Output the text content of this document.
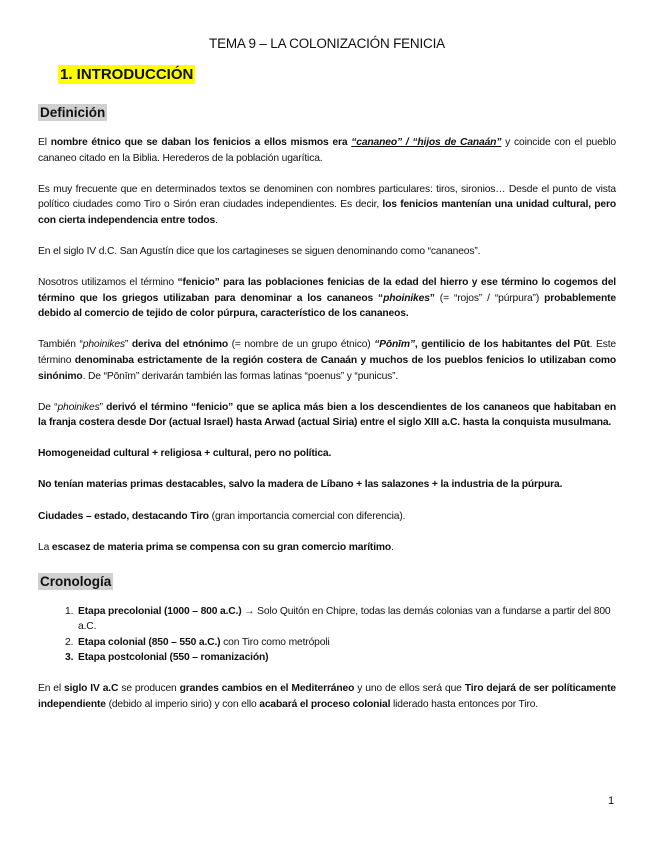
TEMA 9 – LA COLONIZACIÓN FENICIA
1. INTRODUCCIÓN
Definición

El nombre étnico que se daban los fenicios a ellos mismos era “cananeo” / “hijos de Canaán” y coincide con el pueblo cananeo citado en la Biblia. Herederos de la población ugarítica.

Es muy frecuente que en determinados textos se denominen con nombres particulares: tiros, sironios… Desde el punto de vista político ciudades como Tiro o Sirón eran ciudades independientes. Es decir, los fenicios mantenían una unidad cultural, pero con cierta independencia entre todos.

En el siglo IV d.C. San Agustín dice que los cartagineses se siguen denominando como “cananeos”.

Nosotros utilizamos el término “fenicio” para las poblaciones fenicias de la edad del hierro y ese término lo cogemos del término que los griegos utilizaban para denominar a los cananeos “phoinikes” (= “rojos” / “púrpura”) probablemente debido al comercio de tejido de color púrpura, característico de los cananeos.

También “phoinikes” deriva del etnónimo (= nombre de un grupo étnico) “Pōnīm”, gentilicio de los habitantes del Pūt. Este término denominaba estrictamente de la región costera de Canaán y muchos de los pueblos fenicios lo utilizaban como sinónimo. De “Pōnīm” derivarán también las formas latinas “poenus” y “punicus”.

De “phoinikes” derivó el término “fenicio” que se aplica más bien a los descendientes de los cananeos que habitaban en la franja costera desde Dor (actual Israel) hasta Arwad (actual Siria) entre el siglo XIII a.C. hasta la conquista musulmana.

Homogeneidad cultural + religiosa + cultural, pero no política.

No tenían materias primas destacables, salvo la madera de Líbano + las salazones + la industria de la púrpura.

Ciudades – estado, destacando Tiro (gran importancia comercial con diferencia).

La escasez de materia prima se compensa con su gran comercio marítimo.

Cronología
1. Etapa precolonial (1000 – 800 a.C.) → Solo Quitón en Chipre, todas las demás colonias van a fundarse a partir del 800 a.C.
2. Etapa colonial (850 – 550 a.C.) con Tiro como metrópoli
3. Etapa postcolonial (550 – romanización)

En el siglo IV a.C se producen grandes cambios en el Mediterráneo y uno de ellos será que Tiro dejará de ser políticamente independiente (debido al imperio sirio) y con ello acabará el proceso colonial liderado hasta entonces por Tiro.

1
